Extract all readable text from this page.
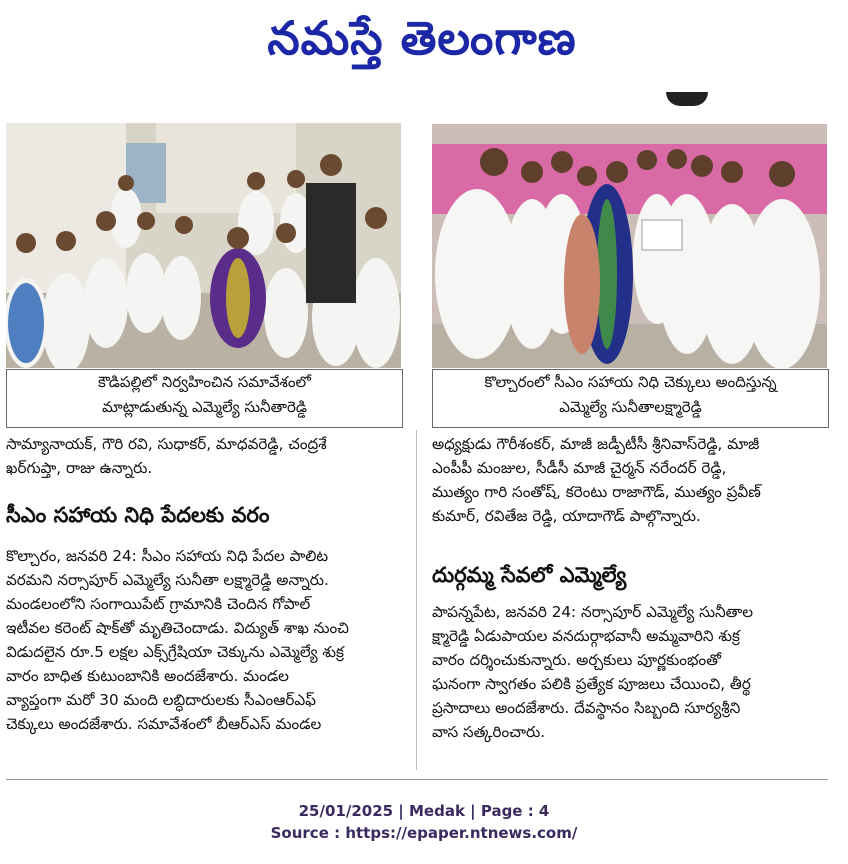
నమస్తే తెలంగాణ
కౌడిపల్లిలో నిర్వహించిన సమావేశంలో
మాట్లాడుతున్న ఎమ్మెల్యే సునీతారెడ్డి
కొల్చారంలో సీఎం సహాయ నిధి చెక్కులు అందిస్తున్న
ఎమ్మెల్యే సునీతాలక్ష్మారెడ్డి
సామ్యానాయక్, గౌరి రవి, సుధాకర్, మాధవరెడ్డి, చంద్రశే
ఖర్‌గుప్తా, రాజు ఉన్నారు.
సీఎం సహాయ నిధి పేదలకు వరం
కొల్చారం, జనవరి 24: సీఎం సహాయ నిధి పేదల పాలిట
వరమని నర్సాపూర్ ఎమ్మెల్యే సునీతా లక్ష్మారెడ్డి అన్నారు.
మండలంలోని సంగాయిపేట్ గ్రామానికి చెందిన గోపాల్
ఇటీవల కరెంట్ షాక్‌తో మృతిచెందాడు. విద్యుత్ శాఖ నుంచి
విడుదలైన రూ.5 లక్షల ఎక్స్‌గ్రేషియా చెక్కును ఎమ్మెల్యే శుక్ర
వారం బాధిత కుటుంబానికి అందజేశారు. మండల
వ్యాప్తంగా మరో 30 మంది లబ్ధిదారులకు సీఎంఆర్‌ఎఫ్
చెక్కులు అందజేశారు. సమావేశంలో బీఆర్‌ఎస్ మండల
అధ్యక్షుడు గౌరీశంకర్, మాజీ జడ్పీటీసీ శ్రీనివాస్‌రెడ్డి, మాజీ
ఎంపీపీ మంజుల, సీడీసీ మాజీ చైర్మన్ నరేందర్ రెడ్డి,
ముత్యం గారి సంతోష్, కరెంటు రాజాగౌడ్, ముత్యం ప్రవీణ్
కుమార్, రవితేజ రెడ్డి, యాదాగౌడ్ పాల్గొన్నారు.
దుర్గమ్మ సేవలో ఎమ్మెల్యే
పాపన్నపేట, జనవరి 24: నర్సాపూర్ ఎమ్మెల్యే సునీతాల
క్ష్మారెడ్డి ఏడుపాయల వనదుర్గాభవానీ అమ్మవారిని శుక్ర
వారం దర్శించుకున్నారు. అర్చకులు పూర్ణకుంభంతో
ఘనంగా స్వాగతం పలికి ప్రత్యేక పూజలు చేయించి, తీర్థ
ప్రసాదాలు అందజేశారు. దేవస్థానం సిబ్బంది సూర్యశ్రీని
వాస సత్కరించారు.
25/01/2025 | Medak | Page : 4
Source : https://epaper.ntnews.com/
